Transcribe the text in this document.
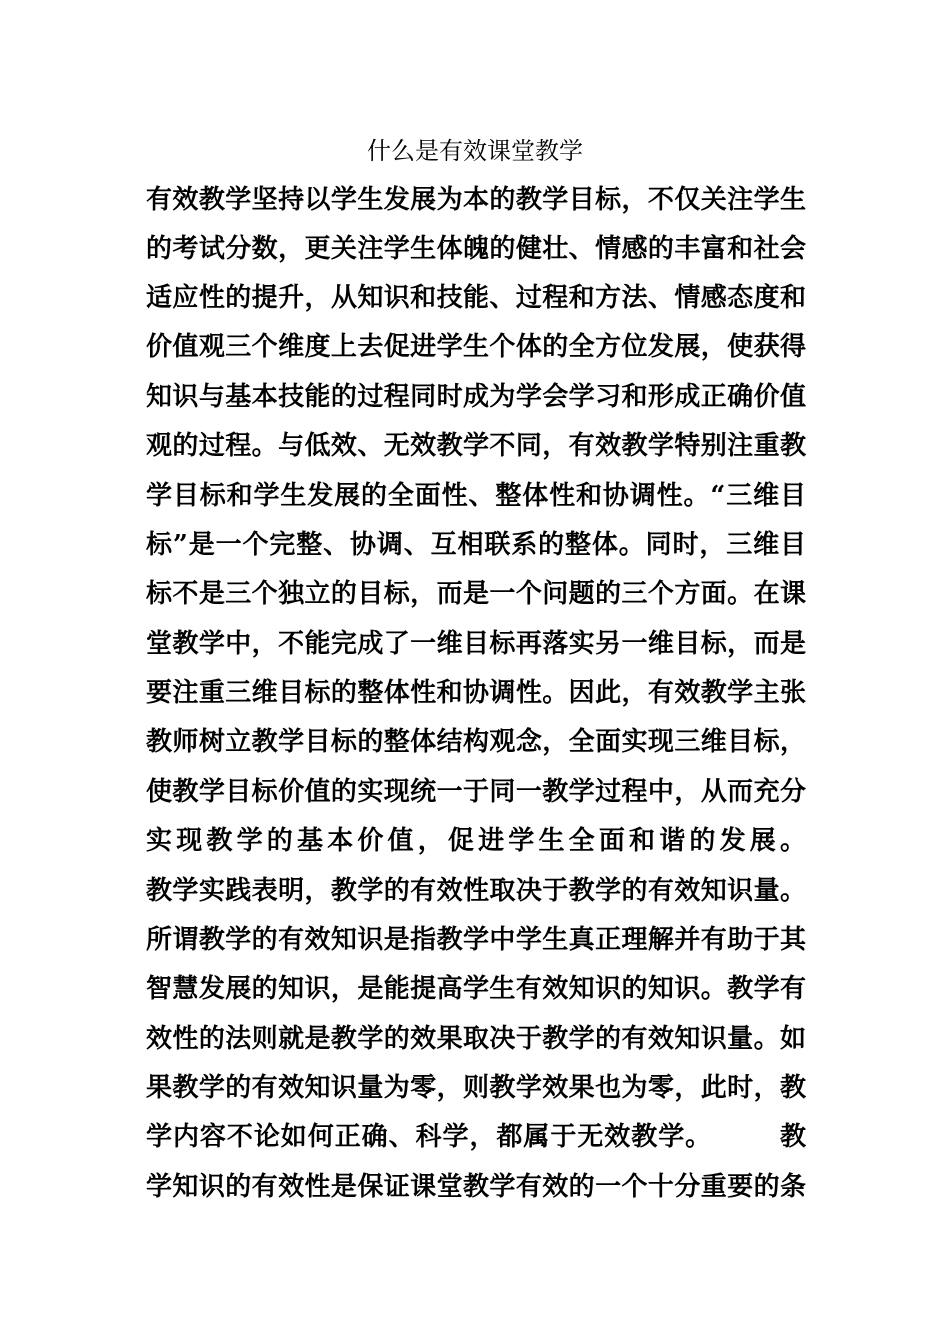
什么是有效课堂教学

有效教学坚持以学生发展为本的教学目标，不仅关注学生

的考试分数，更关注学生体魄的健壮、情感的丰富和社会

适应性的提升，从知识和技能、过程和方法、情感态度和

价值观三个维度上去促进学生个体的全方位发展，使获得

知识与基本技能的过程同时成为学会学习和形成正确价值

观的过程。与低效、无效教学不同，有效教学特别注重教

学目标和学生发展的全面性、整体性和协调性。“三维目

标”是一个完整、协调、互相联系的整体。同时，三维目

标不是三个独立的目标，而是一个问题的三个方面。在课

堂教学中，不能完成了一维目标再落实另一维目标，而是

要注重三维目标的整体性和协调性。因此，有效教学主张

教师树立教学目标的整体结构观念，全面实现三维目标，

使教学目标价值的实现统一于同一教学过程中，从而充分

实现教学的基本价值，促进学生全面和谐的发展。

教学实践表明，教学的有效性取决于教学的有效知识量。

所谓教学的有效知识是指教学中学生真正理解并有助于其

智慧发展的知识，是能提高学生有效知识的知识。教学有

效性的法则就是教学的效果取决于教学的有效知识量。如

果教学的有效知识量为零，则教学效果也为零，此时，教

学内容不论如何正确、科学，都属于无效教学。　　　教

学知识的有效性是保证课堂教学有效的一个十分重要的条
